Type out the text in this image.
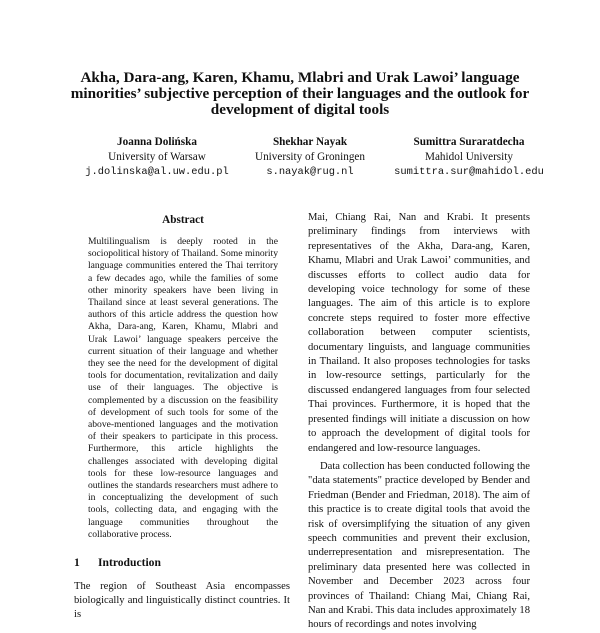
Akha, Dara-ang, Karen, Khamu, Mlabri and Urak Lawoi’ language minorities’ subjective perception of their languages and the outlook for development of digital tools
Joanna Dolińska
University of Warsaw
j.dolinska@al.uw.edu.pl
Shekhar Nayak
University of Groningen
s.nayak@rug.nl
Sumittra Suraratdecha
Mahidol University
sumittra.sur@mahidol.edu
Abstract

Multilingualism is deeply rooted in the sociopolitical history of Thailand. Some minority language communities entered the Thai territory a few decades ago, while the families of some other minority speakers have been living in Thailand since at least several generations. The authors of this article address the question how Akha, Dara-ang, Karen, Khamu, Mlabri and Urak Lawoi’ language speakers perceive the current situation of their language and whether they see the need for the development of digital tools for documentation, revitalization and daily use of their languages. The objective is complemented by a discussion on the feasibility of development of such tools for some of the above-mentioned languages and the motivation of their speakers to participate in this process. Furthermore, this article highlights the challenges associated with developing digital tools for these low-resource languages and outlines the standards researchers must adhere to in conceptualizing the development of such tools, collecting data, and engaging with the language communities throughout the collaborative process.

1 Introduction

The region of Southeast Asia encompasses biologically and linguistically distinct countries. It is

Mai, Chiang Rai, Nan and Krabi. It presents preliminary findings from interviews with representatives of the Akha, Dara-ang, Karen, Khamu, Mlabri and Urak Lawoi’ communities, and discusses efforts to collect audio data for developing voice technology for some of these languages. The aim of this article is to explore concrete steps required to foster more effective collaboration between computer scientists, documentary linguists, and language communities in Thailand. It also proposes technologies for tasks in low-resource settings, particularly for the discussed endangered languages from four selected Thai provinces. Furthermore, it is hoped that the presented findings will initiate a discussion on how to approach the development of digital tools for endangered and low-resource languages.

Data collection has been conducted following the "data statements" practice developed by Bender and Friedman (Bender and Friedman, 2018). The aim of this practice is to create digital tools that avoid the risk of oversimplifying the situation of any given speech communities and prevent their exclusion, underrepresentation and misrepresentation. The preliminary data presented here was collected in November and December 2023 across four provinces of Thailand: Chiang Mai, Chiang Rai, Nan and Krabi. This data includes approximately 18 hours of recordings and notes involving
